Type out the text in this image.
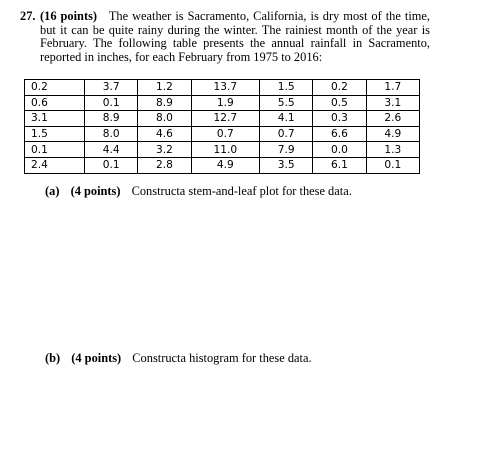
27. (16 points) The weather is Sacramento, California, is dry most of the time, but it can be quite rainy during the winter. The rainiest month of the year is February. The following table presents the annual rainfall in Sacramento, reported in inches, for each February from 1975 to 2016:
0.2	3.7	1.2	13.7	1.5	0.2	1.7
0.6	0.1	8.9	1.9	5.5	0.5	3.1
3.1	8.9	8.0	12.7	4.1	0.3	2.6
1.5	8.0	4.6	0.7	0.7	6.6	4.9
0.1	4.4	3.2	11.0	7.9	0.0	1.3
2.4	0.1	2.8	4.9	3.5	6.1	0.1
(a) (4 points) Constructa stem-and-leaf plot for these data.
(b) (4 points) Constructa histogram for these data.
